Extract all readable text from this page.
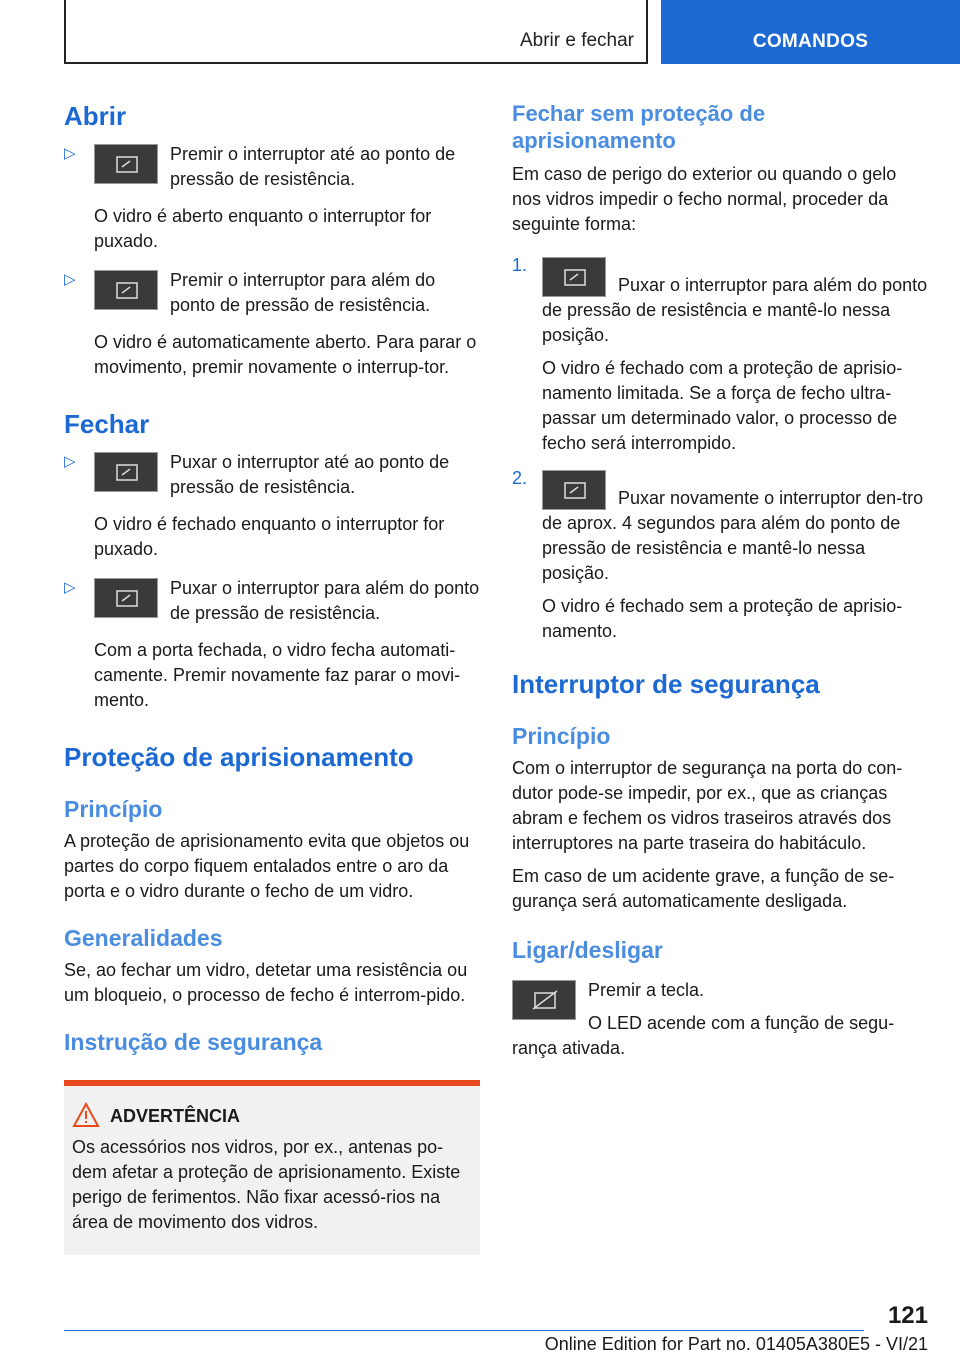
Abrir e fechar	COMANDOS
Abrir
▷	Premir o interruptor até ao ponto de pressão de resistência.

O vidro é aberto enquanto o interruptor for puxado.

▷	Premir o interruptor para além do ponto de pressão de resistência.

O vidro é automaticamente aberto. Para parar o movimento, premir novamente o interrup-tor.

Fechar
▷	Puxar o interruptor até ao ponto de pressão de resistência.

O vidro é fechado enquanto o interruptor for puxado.

▷	Puxar o interruptor para além do ponto de pressão de resistência.

Com a porta fechada, o vidro fecha automati-camente. Premir novamente faz parar o movi-mento.

Proteção de aprisionamento
Princípio

A proteção de aprisionamento evita que objetos ou partes do corpo fiquem entalados entre o aro da porta e o vidro durante o fecho de um vidro.

Generalidades

Se, ao fechar um vidro, detetar uma resistência ou um bloqueio, o processo de fecho é interrom-pido.

Instrução de segurança
ADVERTÊNCIA

Os acessórios nos vidros, por ex., antenas po-dem afetar a proteção de aprisionamento. Existe perigo de ferimentos. Não fixar acessó-rios na área de movimento dos vidros.

Fechar sem proteção de aprisionamento

Em caso de perigo do exterior ou quando o gelo nos vidros impedir o fecho normal, proceder da seguinte forma:

1.

Puxar o interruptor para além do ponto de pressão de resistência e mantê-lo nessa posição.

O vidro é fechado com a proteção de aprisio-namento limitada. Se a força de fecho ultra-passar um determinado valor, o processo de fecho será interrompido.

2.

Puxar novamente o interruptor den-tro de aprox. 4 segundos para além do ponto de pressão de resistência e mantê-lo nessa posição.

O vidro é fechado sem a proteção de aprisio-namento.

Interruptor de segurança
Princípio

Com o interruptor de segurança na porta do con-dutor pode-se impedir, por ex., que as crianças abram e fechem os vidros traseiros através dos interruptores na parte traseira do habitáculo.

Em caso de um acidente grave, a função de se-gurança será automaticamente desligada.

Ligar/desligar

Premir a tecla.

O LED acende com a função de segu-rança ativada.

121
Online Edition for Part no. 01405A380E5 - VI/21
